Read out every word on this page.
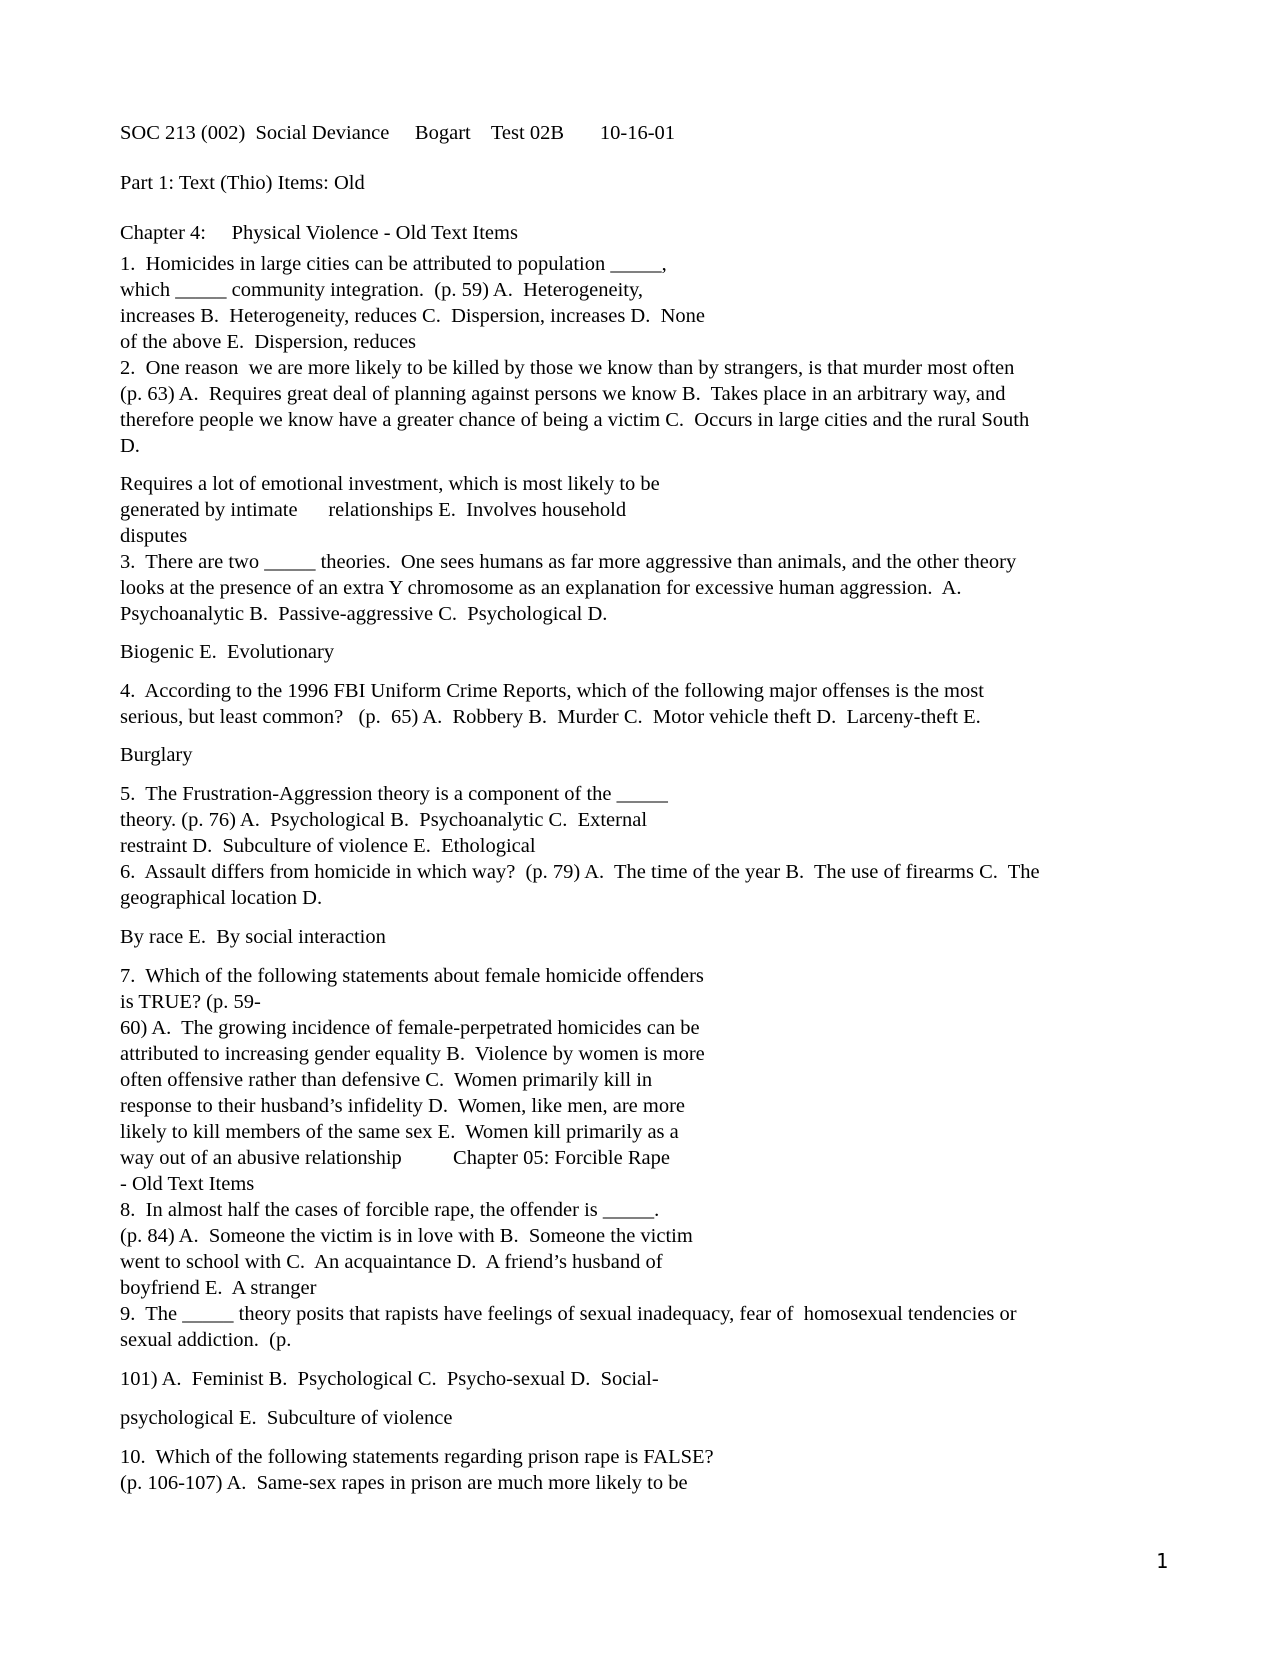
SOC 213 (002)  Social Deviance     Bogart    Test 02B       10-16-01
Part 1: Text (Thio) Items: Old
Chapter 4:     Physical Violence - Old Text Items
1.  Homicides in large cities can be attributed to population _____,
which _____ community integration.  (p. 59) A.  Heterogeneity,
increases B.  Heterogeneity, reduces C.  Dispersion, increases D.  None
of the above E.  Dispersion, reduces
2.  One reason  we are more likely to be killed by those we know than by strangers, is that murder most often
(p. 63) A.  Requires great deal of planning against persons we know B.  Takes place in an arbitrary way, and
therefore people we know have a greater chance of being a victim C.  Occurs in large cities and the rural South
D.
Requires a lot of emotional investment, which is most likely to be
generated by intimate      relationships E.  Involves household
disputes
3.  There are two _____ theories.  One sees humans as far more aggressive than animals, and the other theory
looks at the presence of an extra Y chromosome as an explanation for excessive human aggression.  A.
Psychoanalytic B.  Passive-aggressive C.  Psychological D.
Biogenic E.  Evolutionary
4.  According to the 1996 FBI Uniform Crime Reports, which of the following major offenses is the most
serious, but least common?   (p.  65) A.  Robbery B.  Murder C.  Motor vehicle theft D.  Larceny-theft E.
Burglary
5.  The Frustration-Aggression theory is a component of the _____
theory. (p. 76) A.  Psychological B.  Psychoanalytic C.  External
restraint D.  Subculture of violence E.  Ethological
6.  Assault differs from homicide in which way?  (p. 79) A.  The time of the year B.  The use of firearms C.  The
geographical location D.
By race E.  By social interaction
7.  Which of the following statements about female homicide offenders
is TRUE? (p. 59-
60) A.  The growing incidence of female-perpetrated homicides can be
attributed to increasing gender equality B.  Violence by women is more
often offensive rather than defensive C.  Women primarily kill in
response to their husband’s infidelity D.  Women, like men, are more
likely to kill members of the same sex E.  Women kill primarily as a
way out of an abusive relationship          Chapter 05: Forcible Rape
- Old Text Items
8.  In almost half the cases of forcible rape, the offender is _____.
(p. 84) A.  Someone the victim is in love with B.  Someone the victim
went to school with C.  An acquaintance D.  A friend’s husband of
boyfriend E.  A stranger
9.  The _____ theory posits that rapists have feelings of sexual inadequacy, fear of  homosexual tendencies or
sexual addiction.  (p.
101) A.  Feminist B.  Psychological C.  Psycho-sexual D.  Social-
psychological E.  Subculture of violence
10.  Which of the following statements regarding prison rape is FALSE?
(p. 106-107) A.  Same-sex rapes in prison are much more likely to be
1
